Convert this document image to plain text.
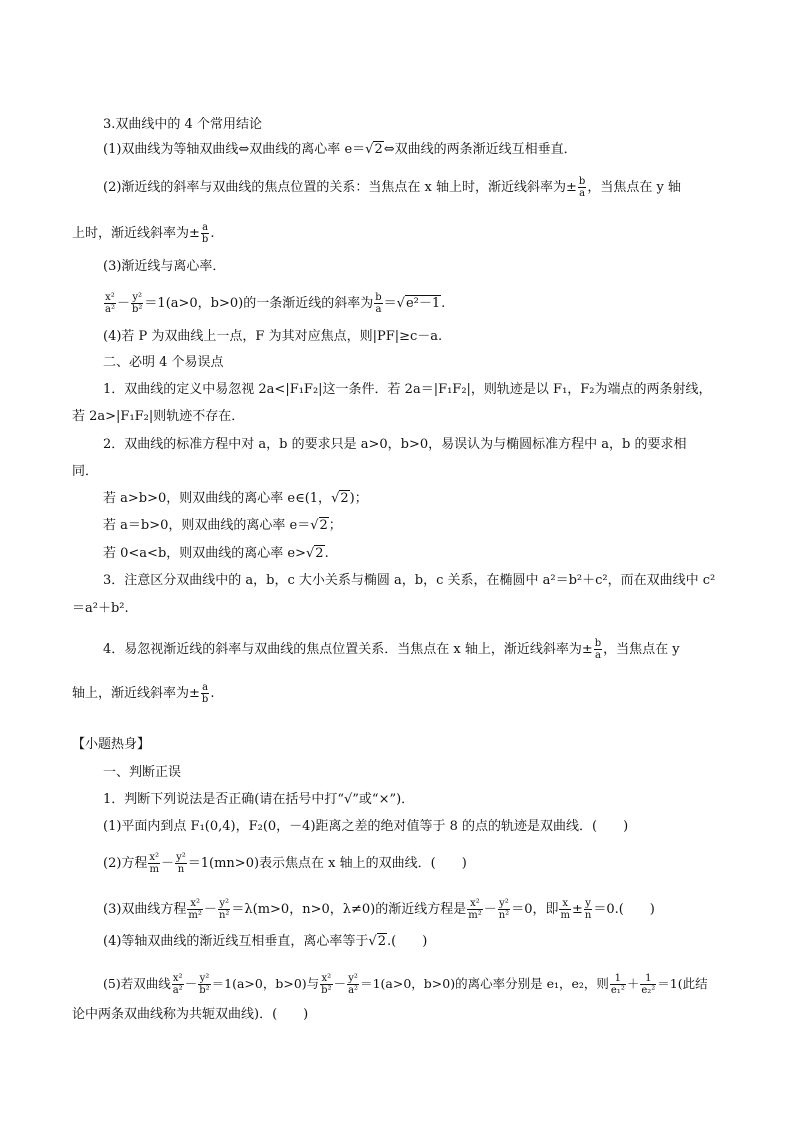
3.双曲线中的 4 个常用结论
(1)双曲线为等轴双曲线⇔双曲线的离心率 e＝√2⇔双曲线的两条渐近线互相垂直．
(2)渐近线的斜率与双曲线的焦点位置的关系：当焦点在 x 轴上时，渐近线斜率为± $\frac{b}{a}$ ，当焦点在 y 轴
上时，渐近线斜率为± $\frac{a}{b}$ .
(3)渐近线与离心率．
$\frac{\text{x²}}{\text{a²}} - \frac{\text{y²}}{\text{b²}} =1(a>0$，b>0)的一条渐近线的斜率为 $\frac{b}{a} =√e^2-1$.
(4)若 P 为双曲线上一点，F 为其对应焦点，则|PF|≥c－a.
二、必明 4 个易误点
1．双曲线的定义中易忽视 2a<|F₁F₂|这一条件．若 2a＝|F₁F₂|，则轨迹是以 F₁，F₂为端点的两条射线，
若 2a>|F₁F₂|则轨迹不存在．
2．双曲线的标准方程中对 a，b 的要求只是 a>0，b>0，易误认为与椭圆标准方程中 a，b 的要求相
同．
若 a>b>0，则双曲线的离心率 e∈(1，√2)；
若 a＝b>0，则双曲线的离心率 e＝√2；
若 0<a<b，则双曲线的离心率 e>√2.
3．注意区分双曲线中的 a，b，c 大小关系与椭圆 a，b，c 关系，在椭圆中 a²＝b²＋c²，而在双曲线中 c²
＝a²＋b².
4．易忽视渐近线的斜率与双曲线的焦点位置关系．当焦点在 x 轴上，渐近线斜率为± $\frac{b}{a}$ ，当焦点在 y
轴上，渐近线斜率为± $\frac{a}{b}$ .
【小题热身】
一、判断正误
1．判断下列说法是否正确(请在括号中打“√”或“×”)．
(1)平面内到点 F₁(0,4)，F₂(0，－4)距离之差的绝对值等于 8 的点的轨迹是双曲线．(　　)
(2)方程 $\frac{\text{x²}}{m} - \frac{\text{y²}}{n} =1(mn>0)$表示焦点在 x 轴上的双曲线．(　　)
(3)双曲线方程 $\frac{\text{x²}}{\text{m²}} - \frac{\text{y²}}{\text{n²}} =\lambda(m>0$，n>0，λ≠0)的渐近线方程是 $\frac{\text{x²}}{\text{m²}} - \frac{\text{y²}}{\text{n²}} =0$，即 $\frac{x}{m} \pm \frac{y}{n} =0$.(　　)
(4)等轴双曲线的渐近线互相垂直，离心率等于√2.(　　)
(5)若双曲线 $\frac{\text{x²}}{\text{a²}} - \frac{\text{y²}}{\text{b²}} =1(a>0$，b>0)与 $\frac{\text{x²}}{\text{b²}} - \frac{\text{y²}}{\text{a²}} =1(a>0$，b>0)的离心率分别是 e₁，e₂，则 $\frac{1}{\text{e₁²}} + \frac{1}{\text{e₂²}} =1$(此结
论中两条双曲线称为共轭双曲线)．(　　)
